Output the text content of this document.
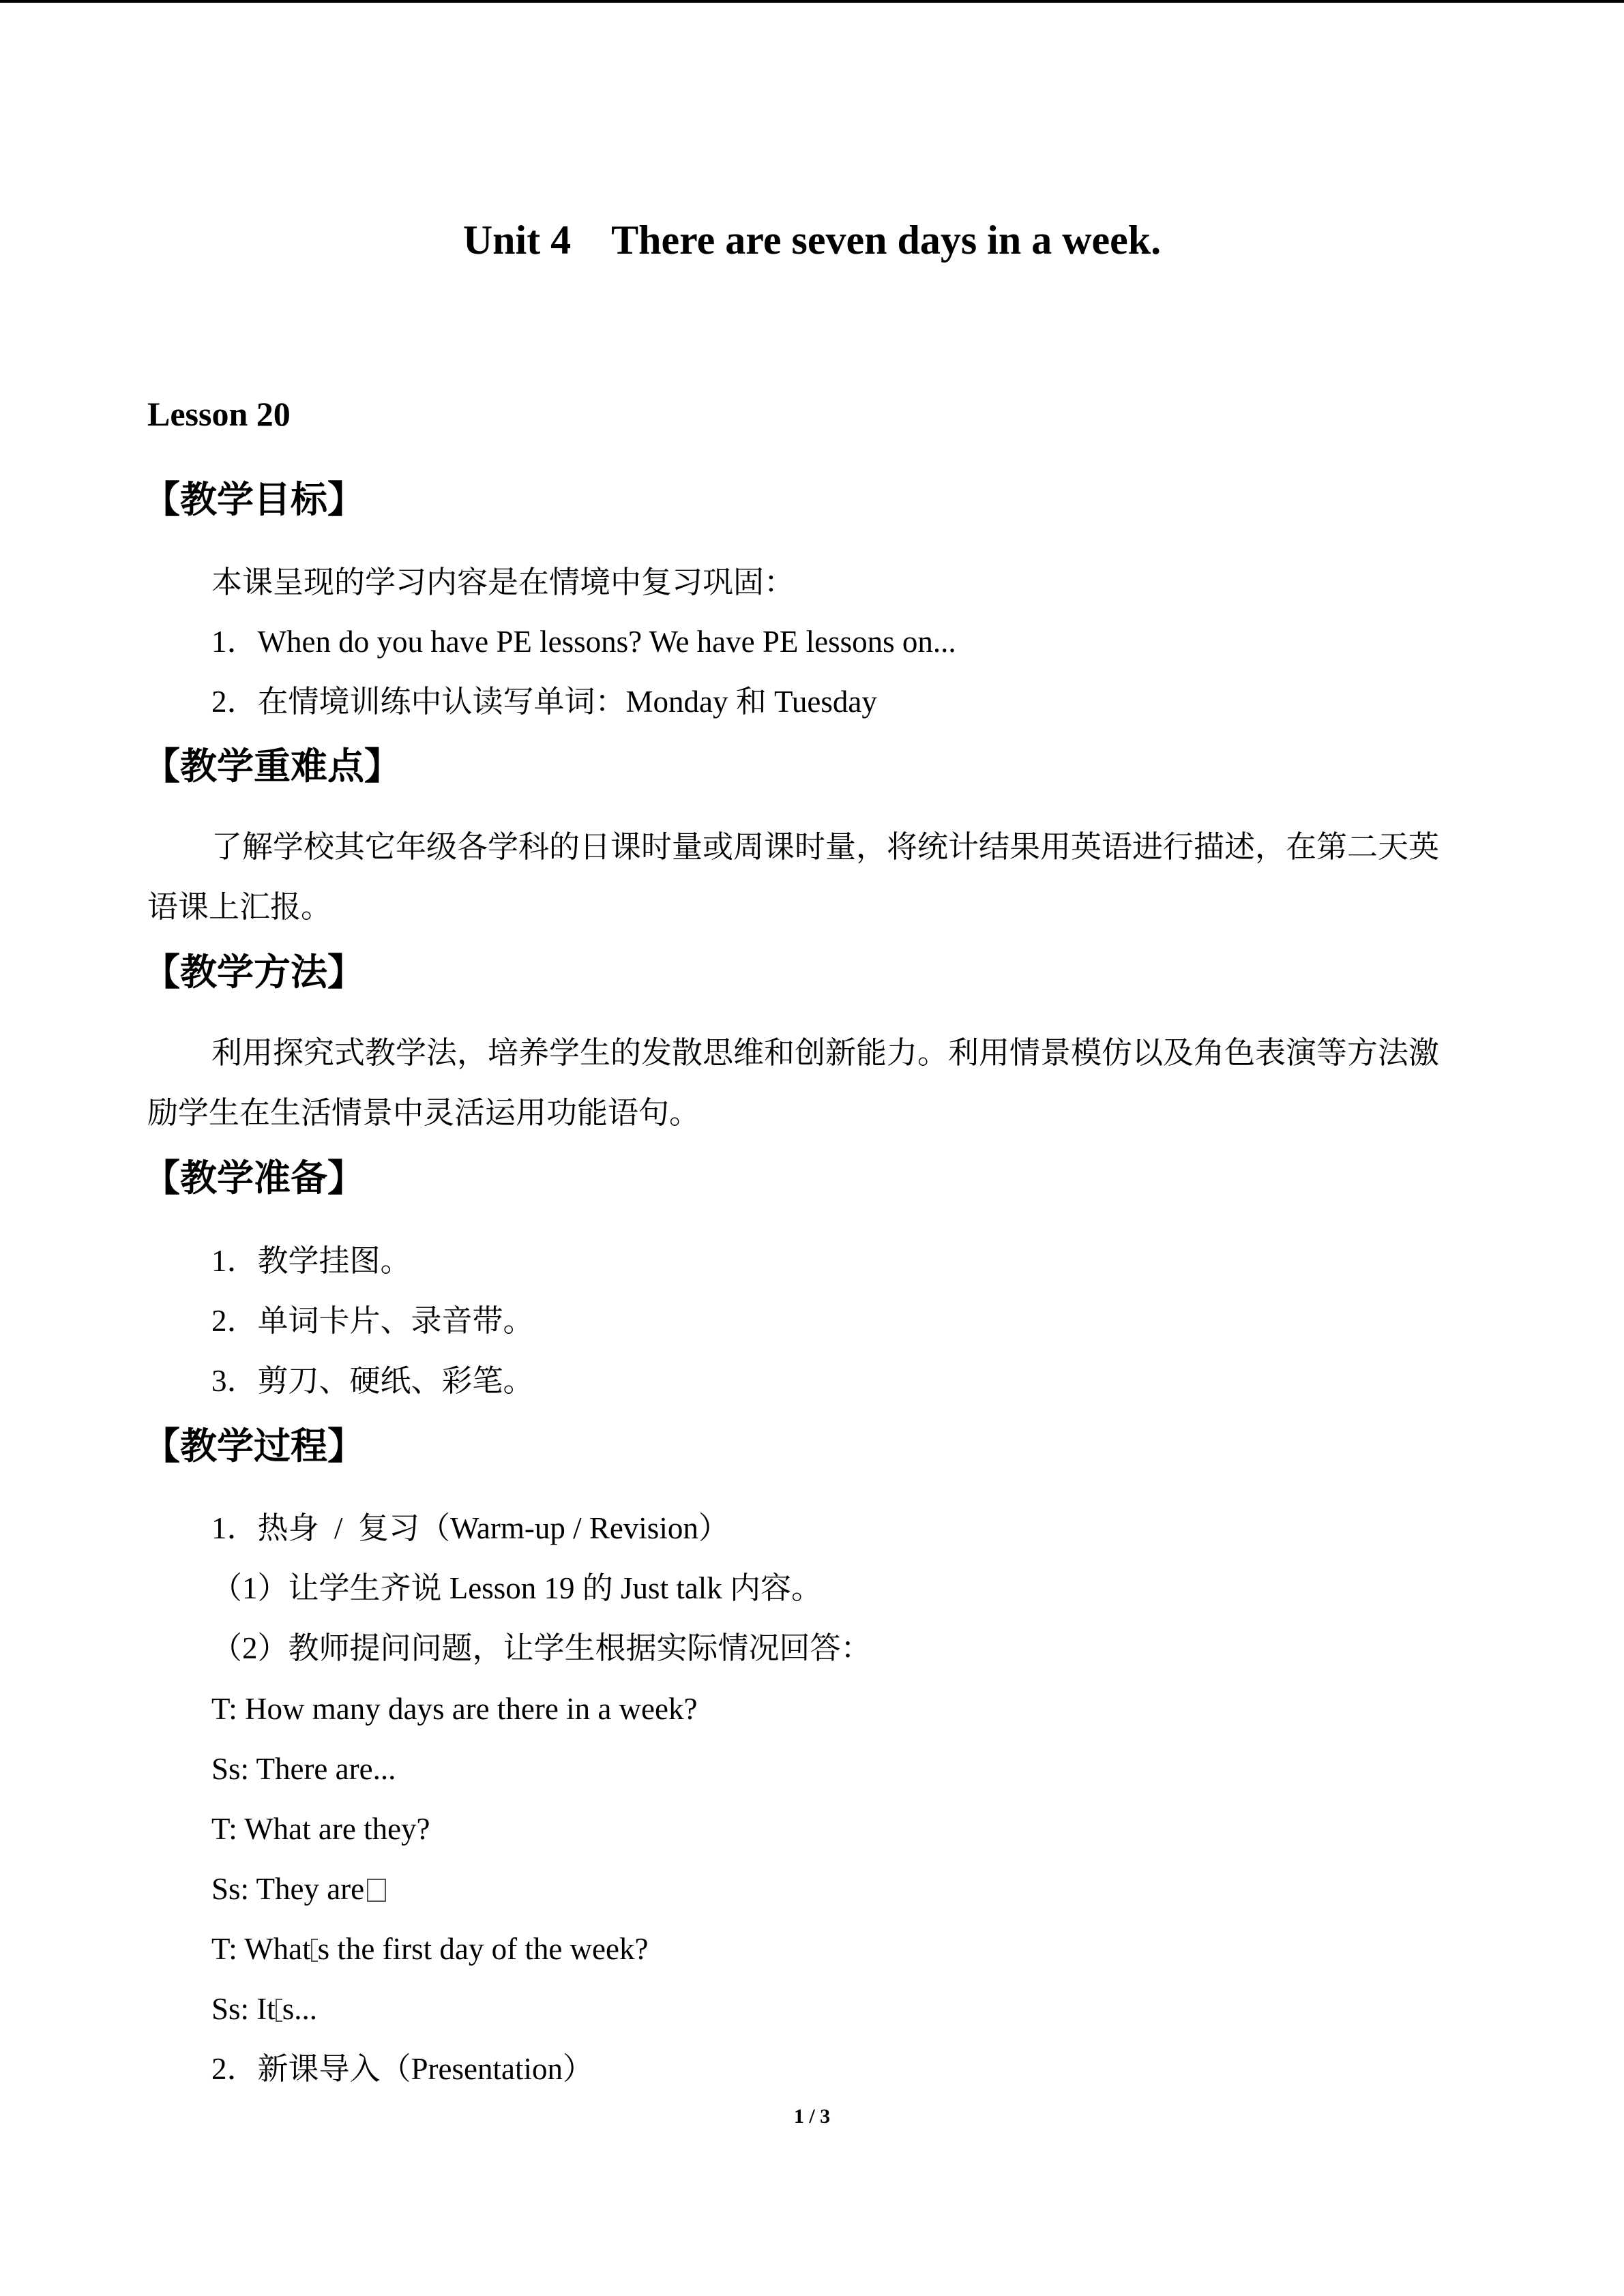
Unit 4    There are seven days in a week.
Lesson 20
【教学目标】
本课呈现的学习内容是在情境中复习巩固：
1．When do you have PE lessons? We have PE lessons on...
2．在情境训练中认读写单词：Monday 和 Tuesday
【教学重难点】
了解学校其它年级各学科的日课时量或周课时量，将统计结果用英语进行描述，在第二天英语课上汇报。
【教学方法】
利用探究式教学法，培养学生的发散思维和创新能力。利用情景模仿以及角色表演等方法激励学生在生活情景中灵活运用功能语句。
【教学准备】
1．教学挂图。
2．单词卡片、录音带。
3．剪刀、硬纸、彩笔。
【教学过程】
1．热身  /  复习（Warm-up / Revision）
（1）让学生齐说 Lesson 19 的 Just talk 内容。
（2）教师提问问题，让学生根据实际情况回答：
T: How many days are there in a week?
Ss: There are...
T: What are they?
Ss: They are
T: What s the first day of the week?
Ss: It s...
2．新课导入（Presentation）
1 / 3
